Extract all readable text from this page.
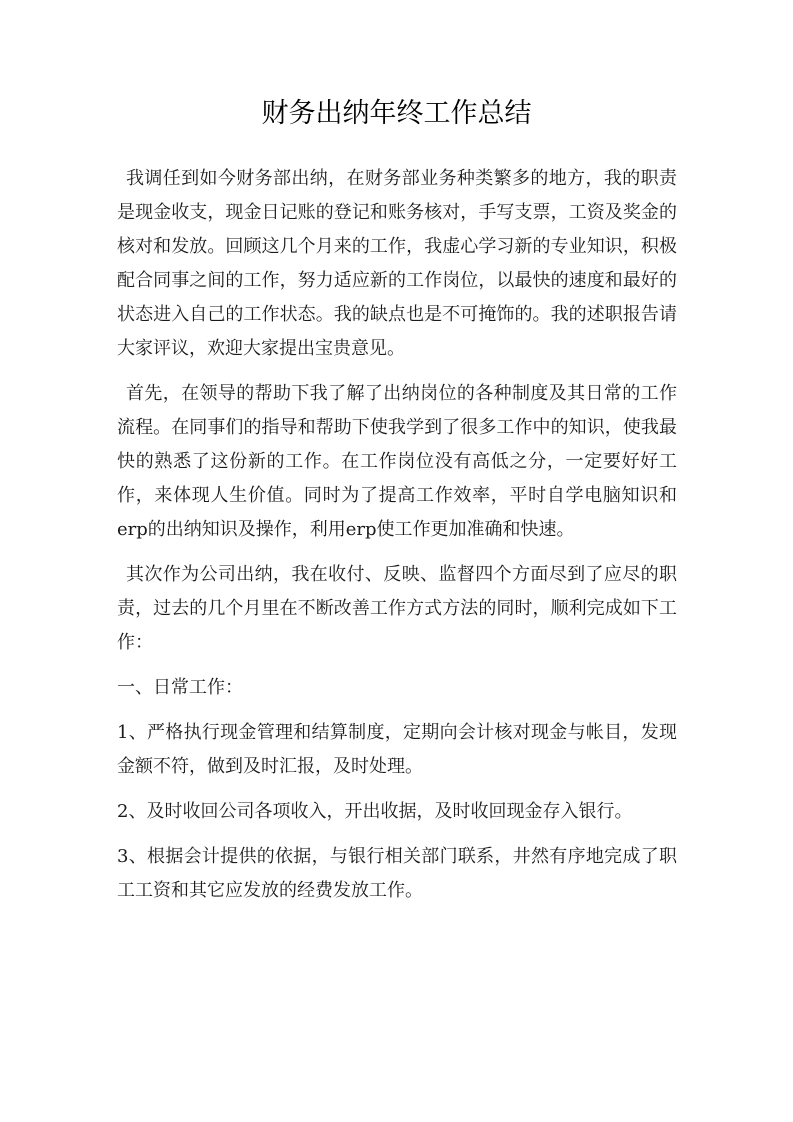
财务出纳年终工作总结

我调任到如今财务部出纳，在财务部业务种类繁多的地方，我的职责是现金收支，现金日记账的登记和账务核对，手写支票，工资及奖金的核对和发放。回顾这几个月来的工作，我虚心学习新的专业知识，积极配合同事之间的工作，努力适应新的工作岗位，以最快的速度和最好的状态进入自己的工作状态。我的缺点也是不可掩饰的。我的述职报告请大家评议，欢迎大家提出宝贵意见。

首先，在领导的帮助下我了解了出纳岗位的各种制度及其日常的工作流程。在同事们的指导和帮助下使我学到了很多工作中的知识，使我最快的熟悉了这份新的工作。在工作岗位没有高低之分，一定要好好工作，来体现人生价值。同时为了提高工作效率，平时自学电脑知识和erp的出纳知识及操作，利用erp使工作更加准确和快速。

其次作为公司出纳，我在收付、反映、监督四个方面尽到了应尽的职责，过去的几个月里在不断改善工作方式方法的同时，顺利完成如下工作：

一、日常工作：

1、严格执行现金管理和结算制度，定期向会计核对现金与帐目，发现金额不符，做到及时汇报，及时处理。

2、及时收回公司各项收入，开出收据，及时收回现金存入银行。

3、根据会计提供的依据，与银行相关部门联系，井然有序地完成了职工工资和其它应发放的经费发放工作。
